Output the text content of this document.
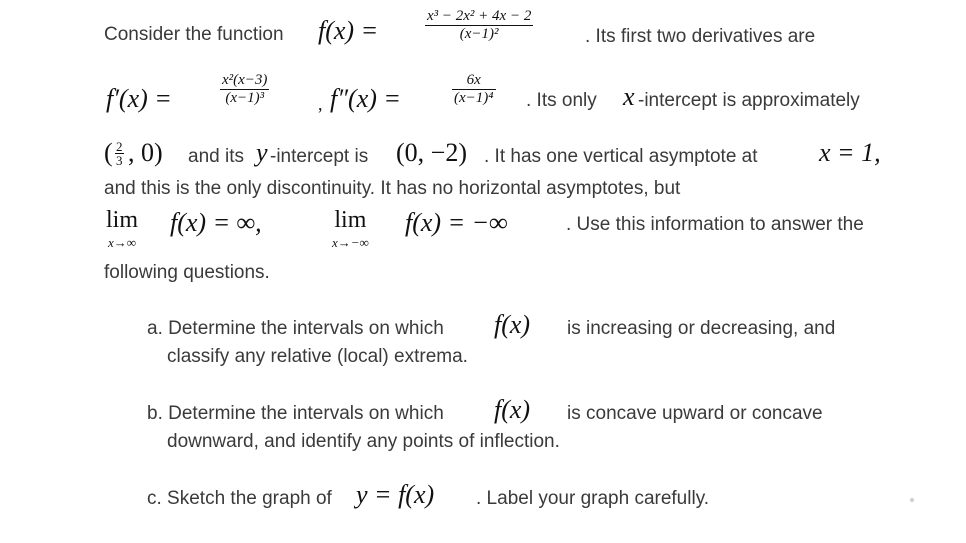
Consider the function f(x) =	$\frac{\text{x³ − 2x² + 4x − 2}}{\text{(x−1)²}}$	. Its first two derivatives are
f′(x) =	$\frac{\text{x²(x−3)}}{\text{(x−1)³}}$	, f″(x) =	$\frac{6x}{\text{(x−1)⁴}}$ . Its only x -intercept is approximately
( $\frac{2}{3}$ , 0) and its y -intercept is (0, −2) . It has one vertical asymptote at x = 1,
and this is the only discontinuity. It has no horizontal asymptotes, but
lim
x→∞
f(x) = ∞,	lim
x→−∞
f(x) = −∞	. Use this information to answer the
following questions.
a. Determine the intervals on which f(x) is increasing or decreasing, and
classify any relative (local) extrema.
b. Determine the intervals on which f(x) is concave upward or concave
downward, and identify any points of inflection.
c. Sketch the graph of y = f(x) . Label your graph carefully.
